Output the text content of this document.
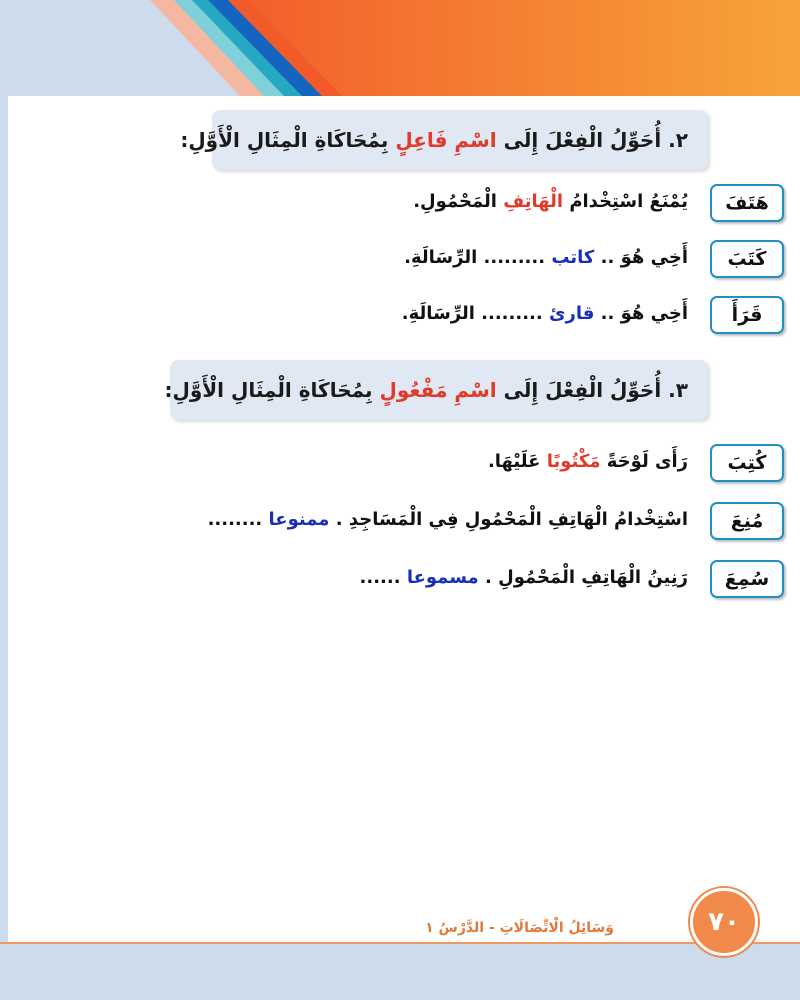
٢. أُحَوِّلُ الْفِعْلَ إِلَى اسْمِ فَاعِلٍ بِمُحَاكَاةِ الْمِثَالِ الْأَوَّلِ:
هَتَفَ
يُمْنَعُ اسْتِخْدامُ الْهَاتِفِ الْمَحْمُولِ.
كَتَبَ
أَخِي هُوَ .. كاتب ......... الرِّسَالَةِ.
قَرَأَ
أَخِي هُوَ .. قارئ ......... الرِّسَالَةِ.
٣. أُحَوِّلُ الْفِعْلَ إِلَى اسْمِ مَفْعُولٍ بِمُحَاكَاةِ الْمِثَالِ الْأَوَّلِ:
كُتِبَ
رَأَى لَوْحَةً مَكْتُوبًا عَلَيْهَا.
مُنِعَ
اسْتِخْدامُ الْهَاتِفِ الْمَحْمُولِ فِي الْمَسَاجِدِ . ممنوعا ........
سُمِعَ
رَنِينُ الْهَاتِفِ الْمَحْمُولِ . مسموعا ......
٧٠
وَسَائِلُ الْاتِّصَالَاتِ - الدَّرْسُ ١
